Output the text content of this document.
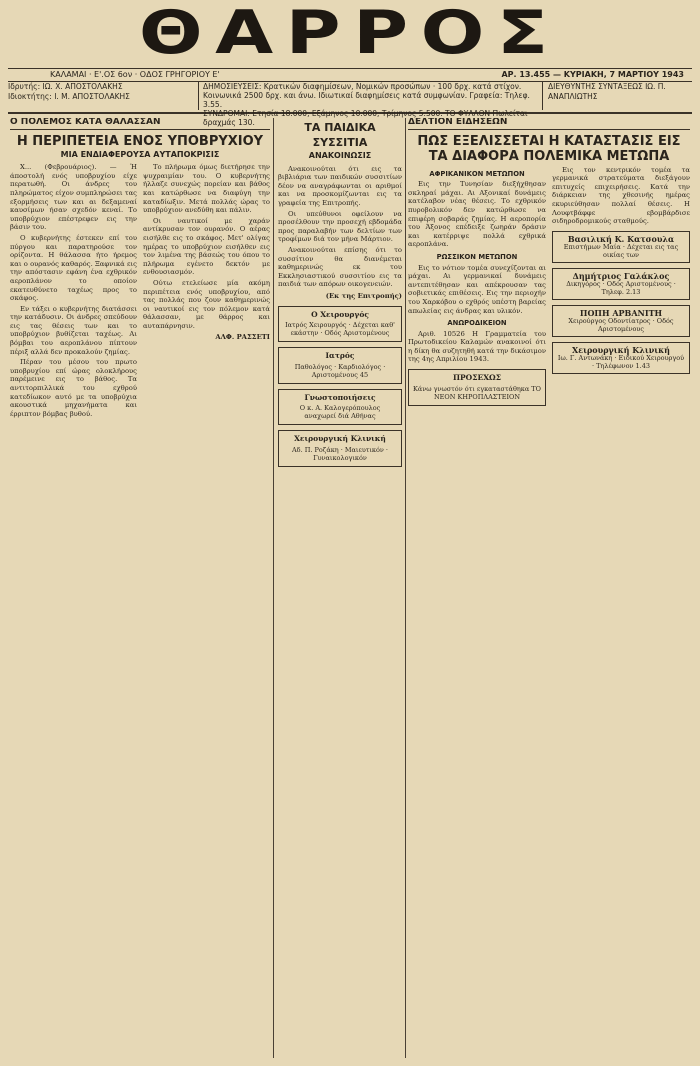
ΘΑΡΡΟΣ
ΚΑΛΑΜΑΙ · Ε'.ΟΣ 6ον · ΟΔΟΣ ΓΡΗΓΟΡΙΟΥ Ε'	ΑΡ. 13.455 — ΚΥΡΙΑΚΗ, 7 ΜΑΡΤΙΟΥ 1943
Ιδρυτής: ΙΩ. Χ. ΑΠΟΣΤΟΛΑΚΗΣ
Ιδιοκτήτης: Ι. Μ. ΑΠΟΣΤΟΛΑΚΗΣ
ΔΗΜΟΣΙΕΥΣΕΙΣ: Κρατικών διαφημίσεων, Νομικών προσώπων · 100 δρχ. κατά στίχον. Κοινωνικά 2500 δρχ. και άνω. Ιδιωτικαί διαφημίσεις κατά συμφωνίαν. Γραφεία: Τηλεφ. 3.55.
ΣΥΝΔΡΟΜΑΙ: Ετησία 18.000, Εξάμηνος 10.000, Τρίμηνος 5.500. ΤΟ ΦΥΛΛΟΝ Πωλείται δραχμάς 130.
ΔΙΕΥΘΥΝΤΗΣ ΣΥΝΤΑΞΕΩΣ ΙΩ. Π. ΑΝΑΠΛΙΩΤΗΣ
Ο ΠΟΛΕΜΟΣ ΚΑΤΑ ΘΑΛΑΣΣΑΝ
Η ΠΕΡΙΠΕΤΕΙΑ ΕΝΟΣ ΥΠΟΒΡΥΧΙΟΥ
ΜΙΑ ΕΝΔΙΑΦΕΡΟΥΣΑ ΑΥΤΑΠΟΚΡΙΣΙΣ

Χ... (Φεβρουάριος). — Ή άποστολή ενός υποβρυχίου είχε περατωθή. Οι άνδρες του πληρώματος είχον συμπληρώσει τας εξορμήσεις των και αι δεξαμεναί καυσίμων ήσαν σχεδόν κεναί. Το υποβρύχιον επέστρεφεν εις την βάσιν του.

Ο κυβερνήτης έστεκεν επί του πύργου και παρατηρούσε τον ορίζοντα. Η θάλασσα ήτο ήρεμος και ο ουρανός καθαρός. Ξαφνικά εις την απόστασιν εφάνη ένα εχθρικόν αεροπλάνον το οποίον εκατευθύνετο ταχέως προς το σκάφος.

Εν τάξει ο κυβερνήτης διατάσσει την κατάδυσιν. Οι άνδρες σπεύδουν εις τας θέσεις των και το υποβρύχιον βυθίζεται ταχέως. Αι βόμβαι του αεροπλάνου πίπτουν πέριξ αλλά δεν προκαλούν ζημίας.

Πέραν του μέσου του πρωτο υποβρυχίου επί ώρας ολοκλήρους παρέμεινε εις το βάθος. Τα αντιτορπιλλικά του εχθρού κατεδίωκον αυτό με τα υποβρύχια ακουστικά μηχανήματα και έρριπτον βόμβας βυθού.

Το πλήρωμα όμως διετήρησε την ψυχραιμίαν του. Ο κυβερνήτης ήλλαζε συνεχώς πορείαν και βάθος και κατώρθωσε να διαφύγη την καταδίωξιν. Μετά πολλάς ώρας το υποβρύχιον ανεδύθη και πάλιν.

Οι ναυτικοί με χαράν αντίκρυσαν τον ουρανόν. Ο αέρας εισήλθε εις το σκάφος. Μετ' ολίγας ημέρας το υποβρύχιον εισήλθεν εις τον λιμένα της βάσεώς του όπου το πλήρωμα εγένετο δεκτόν με ενθουσιασμόν.

Ούτω ετελείωσε μία ακόμη περιπέτεια ενός υποβρυχίου, από τας πολλάς που ζουν καθημερινώς οι ναυτικοί εις τον πόλεμον κατά θάλασσαν, με θάρρος και αυταπάρνησιν.

ΑΛΦ. ΡΑΣΣΕΤΙ
ΤΑ ΠΑΙΔΙΚΑ ΣΥΣΣΙΤΙΑ
ΑΝΑΚΟΙΝΩΣΙΣ

Ανακοινούται ότι εις τα βιβλιάρια των παιδικών συσσιτίων δέον να αναγράφωνται οι αριθμοί και να προσκομίζωνται εις τα γραφεία της Επιτροπής.

Οι υπεύθυνοι οφείλουν να προσέλθουν την προσεχή εβδομάδα προς παραλαβήν των δελτίων των τροφίμων διά τον μήνα Μάρτιον.

Ανακοινούται επίσης ότι το συσσίτιον θα διανέμεται καθημερινώς εκ του Εκκλησιαστικού συσσιτίου εις τα παιδιά των απόρων οικογενειών.

(Εκ της Επιτροπής)
Ο Χειρουργός
Ιατρός Χειρουργός · Δέχεται καθ' εκάστην · Οδός Αριστομένους
Ιατρός
Παθολόγος · Καρδιολόγος · Αριστομένους 45
Γνωστοποιήσεις
Ο κ. Α. Καλογερόπουλος αναχωρεί διά Αθήνας
Χειρουργική Κλινική
Αδ. Π. Ροζάκη · Μαιευτικόν · Γυναικολογικόν
ΔΕΛΤΙΟΝ ΕΙΔΗΣΕΩΝ
ΠΩΣ ΕΞΕΛΙΣΣΕΤΑΙ Η ΚΑΤΑΣΤΑΣΙΣ ΕΙΣ ΤΑ ΔΙΑΦΟΡΑ ΠΟΛΕΜΙΚΑ ΜΕΤΩΠΑ
ΑΦΡΙΚΑΝΙΚΟΝ ΜΕΤΩΠΟΝ

Εις την Τυνησίαν διεξήχθησαν σκληραί μάχαι. Αι Αξονικαί δυνάμεις κατέλαβον νέας θέσεις. Το εχθρικόν πυροβολικόν δεν κατώρθωσε να επιφέρη σοβαράς ζημίας. Η αεροπορία του Άξονος επέδειξε ζωηράν δράσιν και κατέρριψε πολλά εχθρικά αεροπλάνα.

ΡΩΣΣΙΚΟΝ ΜΕΤΩΠΟΝ

Εις το νότιον τομέα συνεχίζονται αι μάχαι. Αι γερμανικαί δυνάμεις αντεπιτέθησαν και απέκρουσαν τας σοβιετικάς επιθέσεις. Εις την περιοχήν του Χαρκόβου ο εχθρός υπέστη βαρείας απωλείας εις άνδρας και υλικόν.

ΑΝΩΡΟΔΙΚΕΙΟΝ

Αριθ. 10526 Η Γραμματεία του Πρωτοδικείου Καλαμών ανακοινοί ότι η δίκη θα συζητηθή κατά την δικάσιμον της 4ης Απριλίου 1943.

ΠΡΟΣΕΧΩΣ
Κάνω γνωστόν ότι εγκαταστάθηκα ΤΟ ΝΕΟΝ ΚΗΡΟΠΛΑΣΤΕΙΟΝ

Εις τον κεντρικόν τομέα τα γερμανικά στρατεύματα διεξάγουν επιτυχείς επιχειρήσεις. Κατά την διάρκειαν της χθεσινής ημέρας εκυριεύθησαν πολλαί θέσεις. Η Λουφτβάφφε εβομβάρδισε σιδηροδρομικούς σταθμούς.

Βασιλική Κ. Κατσουλα
Επιστήμων Μαία · Δέχεται εις τας οικίας των
Δημήτριος Γαλάκλος
Δικηγόρος · Οδός Αριστομένους · Τηλεφ. 2.13
ΠΟΠΗ ΑΡΒΑΝΙΤΗ
Χειρούργος Οδοντίατρος · Οδός Αριστομένους
Χειρουργική Κλινική
Ιω. Γ. Αντωνάκη · Ειδικού Χειρουργού · Τηλέφωνον 1.43
